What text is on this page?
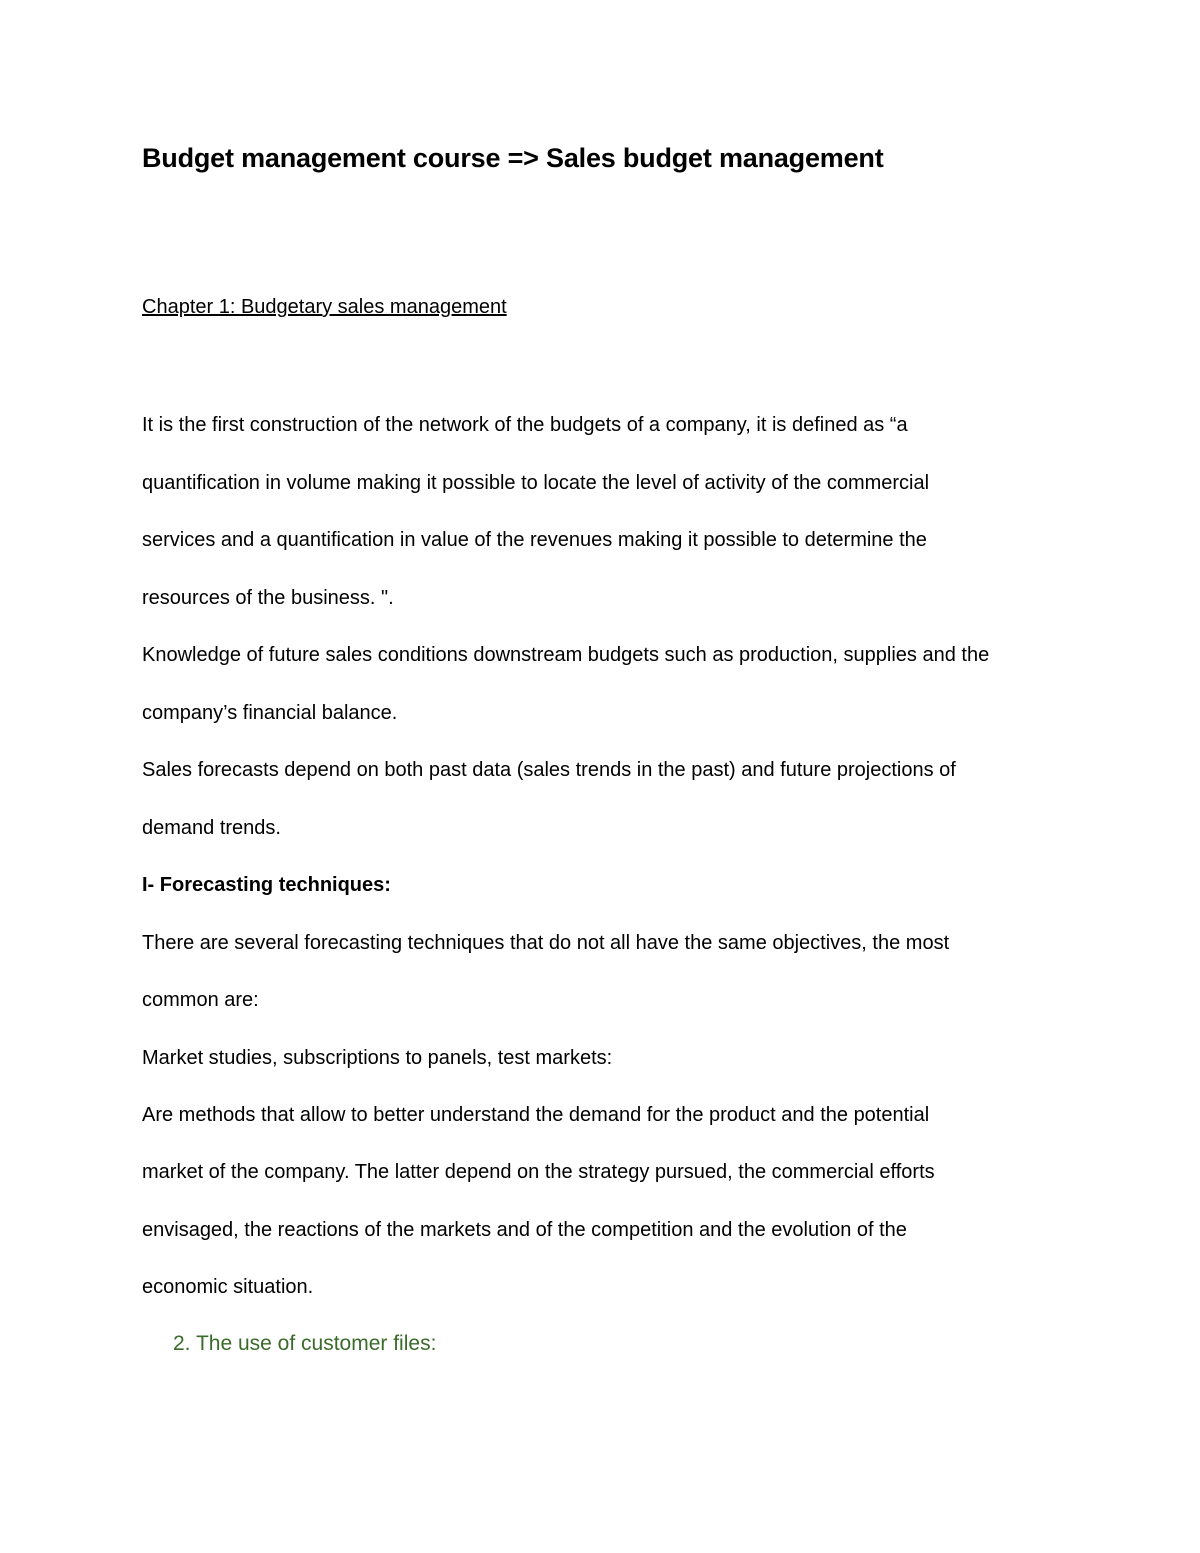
Budget management course => Sales budget management
Chapter 1: Budgetary sales management
It is the first construction of the network of the budgets of a company, it is defined as “a
quantification in volume making it possible to locate the level of activity of the commercial
services and a quantification in value of the revenues making it possible to determine the
resources of the business. ".
Knowledge of future sales conditions downstream budgets such as production, supplies and the
company’s financial balance.
Sales forecasts depend on both past data (sales trends in the past) and future projections of
demand trends.
I- Forecasting techniques:
There are several forecasting techniques that do not all have the same objectives, the most
common are:
Market studies, subscriptions to panels, test markets:
Are methods that allow to better understand the demand for the product and the potential
market of the company. The latter depend on the strategy pursued, the commercial efforts
envisaged, the reactions of the markets and of the competition and the evolution of the
economic situation.
2. The use of customer files:
